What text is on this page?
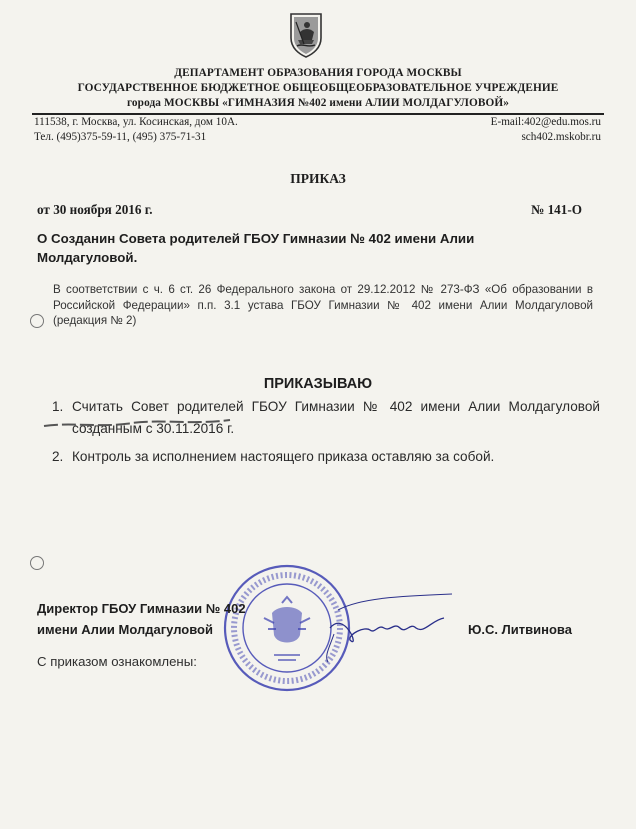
ДЕПАРТАМЕНТ ОБРАЗОВАНИЯ ГОРОДА МОСКВЫ
ГОСУДАРСТВЕННОЕ БЮДЖЕТНОЕ ОБЩЕОБЩЕОБРАЗОВАТЕЛЬНОЕ УЧРЕЖДЕНИЕ
города МОСКВЫ «ГИМНАЗИЯ №402 имени АЛИИ МОЛДАГУЛОВОЙ»
111538, г. Москва, ул. Косинская, дом 10А.
Тел. (495)375-59-11, (495) 375-71-31
E-mail:402@edu.mos.ru
sch402.mskobr.ru
ПРИКАЗ
от 30 ноября 2016 г.	№ 141-О
О Созданин Совета родителей ГБОУ Гимназии № 402 имени Алии Молдагуловой.
В соответствии с ч. 6 ст. 26 Федерального закона от 29.12.2012 № 273-ФЗ «Об образовании в Российской Федерации» п.п. 3.1 устава ГБОУ Гимназии № 402 имени Алии Молдагуловой (редакция № 2)
ПРИКАЗЫВАЮ
1. Считать Совет родителей ГБОУ Гимназии № 402 имени Алии Молдагуловой созданным с 30.11.2016 г.
2. Контроль за исполнением настоящего приказа оставляю за собой.
Директор ГБОУ Гимназии № 402
имени Алии Молдагуловой	Ю.С. Литвинова
С приказом ознакомлены:
